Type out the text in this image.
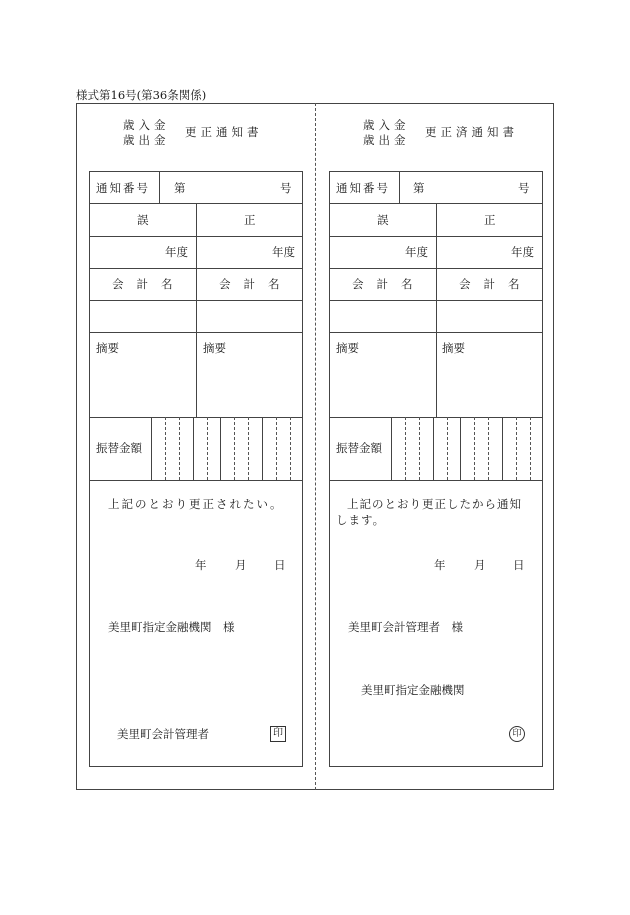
様式第16号(第36条関係)
歳入金
歳出金
更正通知書
通知番号 第	号
誤	正
年度	年度
会計名	会計名
摘要	摘要
振替金額
上記のとおり更正されたい。
年 月 日
美里町指定金融機関　様
美里町会計管理者	印
歳入金
歳出金
更正済通知書
通知番号 第	号
誤	正
年度	年度
会計名	会計名
摘要	摘要
振替金額
上記のとおり更正したから通知
します。
年 月 日
美里町会計管理者　様
美里町指定金融機関
印
